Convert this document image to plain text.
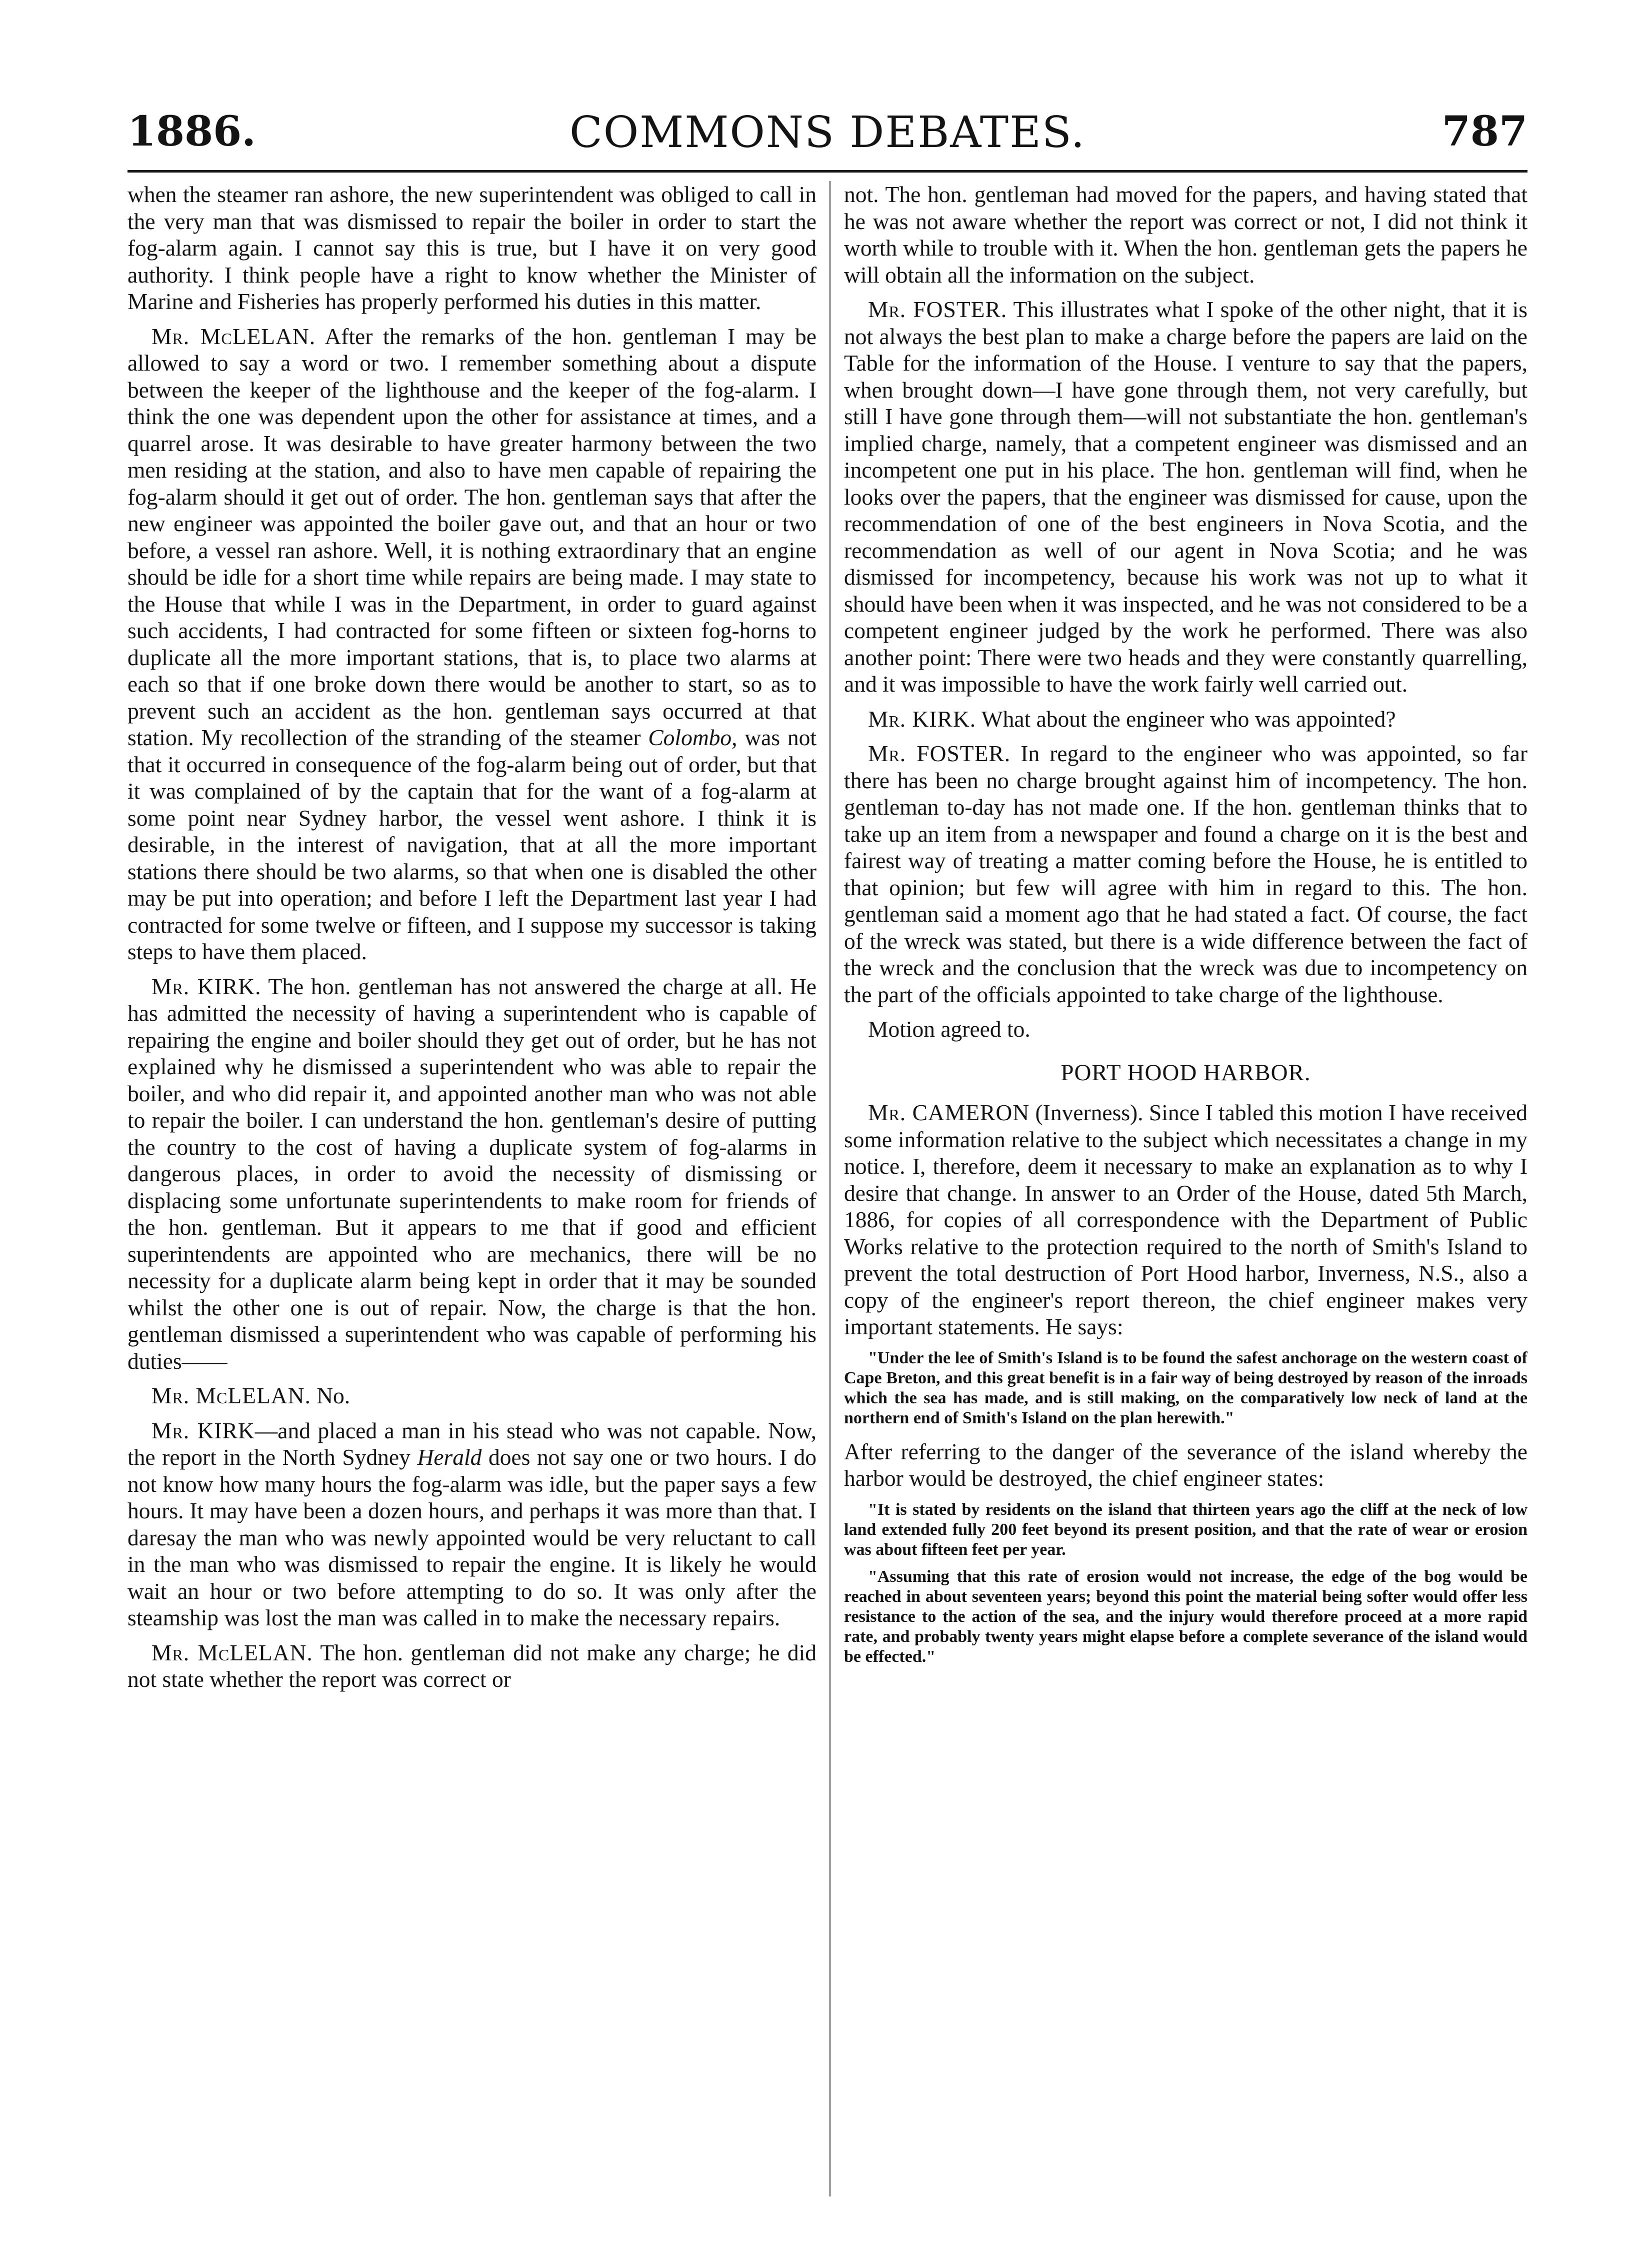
1886.	COMMONS DEBATES.	787

when the steamer ran ashore, the new superintendent was obliged to call in the very man that was dismissed to repair the boiler in order to start the fog-alarm again. I cannot say this is true, but I have it on very good authority. I think people have a right to know whether the Minister of Marine and Fisheries has properly performed his duties in this matter.

Mr. McLELAN. After the remarks of the hon. gentleman I may be allowed to say a word or two. I remember something about a dispute between the keeper of the lighthouse and the keeper of the fog-alarm. I think the one was dependent upon the other for assistance at times, and a quarrel arose. It was desirable to have greater harmony between the two men residing at the station, and also to have men capable of repairing the fog-alarm should it get out of order. The hon. gentleman says that after the new engineer was appointed the boiler gave out, and that an hour or two before, a vessel ran ashore. Well, it is nothing extraordinary that an engine should be idle for a short time while repairs are being made. I may state to the House that while I was in the Department, in order to guard against such accidents, I had contracted for some fifteen or sixteen fog-horns to duplicate all the more important stations, that is, to place two alarms at each so that if one broke down there would be another to start, so as to prevent such an accident as the hon. gentleman says occurred at that station. My recollection of the stranding of the steamer Colombo, was not that it occurred in consequence of the fog-alarm being out of order, but that it was complained of by the captain that for the want of a fog-alarm at some point near Sydney harbor, the vessel went ashore. I think it is desirable, in the interest of navigation, that at all the more important stations there should be two alarms, so that when one is disabled the other may be put into operation; and before I left the Department last year I had contracted for some twelve or fifteen, and I suppose my successor is taking steps to have them placed.

Mr. KIRK. The hon. gentleman has not answered the charge at all. He has admitted the necessity of having a superintendent who is capable of repairing the engine and boiler should they get out of order, but he has not explained why he dismissed a superintendent who was able to repair the boiler, and who did repair it, and appointed another man who was not able to repair the boiler. I can understand the hon. gentleman's desire of putting the country to the cost of having a duplicate system of fog-alarms in dangerous places, in order to avoid the necessity of dismissing or displacing some unfortunate superintendents to make room for friends of the hon. gentleman. But it appears to me that if good and efficient superintendents are appointed who are mechanics, there will be no necessity for a duplicate alarm being kept in order that it may be sounded whilst the other one is out of repair. Now, the charge is that the hon. gentleman dismissed a superintendent who was capable of performing his duties——

Mr. McLELAN. No.

Mr. KIRK—and placed a man in his stead who was not capable. Now, the report in the North Sydney Herald does not say one or two hours. I do not know how many hours the fog-alarm was idle, but the paper says a few hours. It may have been a dozen hours, and perhaps it was more than that. I daresay the man who was newly appointed would be very reluctant to call in the man who was dismissed to repair the engine. It is likely he would wait an hour or two before attempting to do so. It was only after the steamship was lost the man was called in to make the necessary repairs.

Mr. McLELAN. The hon. gentleman did not make any charge; he did not state whether the report was correct or

not. The hon. gentleman had moved for the papers, and having stated that he was not aware whether the report was correct or not, I did not think it worth while to trouble with it. When the hon. gentleman gets the papers he will obtain all the information on the subject.

Mr. FOSTER. This illustrates what I spoke of the other night, that it is not always the best plan to make a charge before the papers are laid on the Table for the information of the House. I venture to say that the papers, when brought down—I have gone through them, not very carefully, but still I have gone through them—will not substantiate the hon. gentleman's implied charge, namely, that a competent engineer was dismissed and an incompetent one put in his place. The hon. gentleman will find, when he looks over the papers, that the engineer was dismissed for cause, upon the recommendation of one of the best engineers in Nova Scotia, and the recommendation as well of our agent in Nova Scotia; and he was dismissed for incompetency, because his work was not up to what it should have been when it was inspected, and he was not considered to be a competent engineer judged by the work he performed. There was also another point: There were two heads and they were constantly quarrelling, and it was impossible to have the work fairly well carried out.

Mr. KIRK. What about the engineer who was appointed?

Mr. FOSTER. In regard to the engineer who was appointed, so far there has been no charge brought against him of incompetency. The hon. gentleman to-day has not made one. If the hon. gentleman thinks that to take up an item from a newspaper and found a charge on it is the best and fairest way of treating a matter coming before the House, he is entitled to that opinion; but few will agree with him in regard to this. The hon. gentleman said a moment ago that he had stated a fact. Of course, the fact of the wreck was stated, but there is a wide difference between the fact of the wreck and the conclusion that the wreck was due to incompetency on the part of the officials appointed to take charge of the lighthouse.

Motion agreed to.

PORT HOOD HARBOR.

Mr. CAMERON (Inverness). Since I tabled this motion I have received some information relative to the subject which necessitates a change in my notice. I, therefore, deem it necessary to make an explanation as to why I desire that change. In answer to an Order of the House, dated 5th March, 1886, for copies of all correspondence with the Department of Public Works relative to the protection required to the north of Smith's Island to prevent the total destruction of Port Hood harbor, Inverness, N.S., also a copy of the engineer's report thereon, the chief engineer makes very important statements. He says:

"Under the lee of Smith's Island is to be found the safest anchorage on the western coast of Cape Breton, and this great benefit is in a fair way of being destroyed by reason of the inroads which the sea has made, and is still making, on the comparatively low neck of land at the northern end of Smith's Island on the plan herewith."

After referring to the danger of the severance of the island whereby the harbor would be destroyed, the chief engineer states:

"It is stated by residents on the island that thirteen years ago the cliff at the neck of low land extended fully 200 feet beyond its present position, and that the rate of wear or erosion was about fifteen feet per year.
"Assuming that this rate of erosion would not increase, the edge of the bog would be reached in about seventeen years; beyond this point the material being softer would offer less resistance to the action of the sea, and the injury would therefore proceed at a more rapid rate, and probably twenty years might elapse before a complete severance of the island would be effected."
